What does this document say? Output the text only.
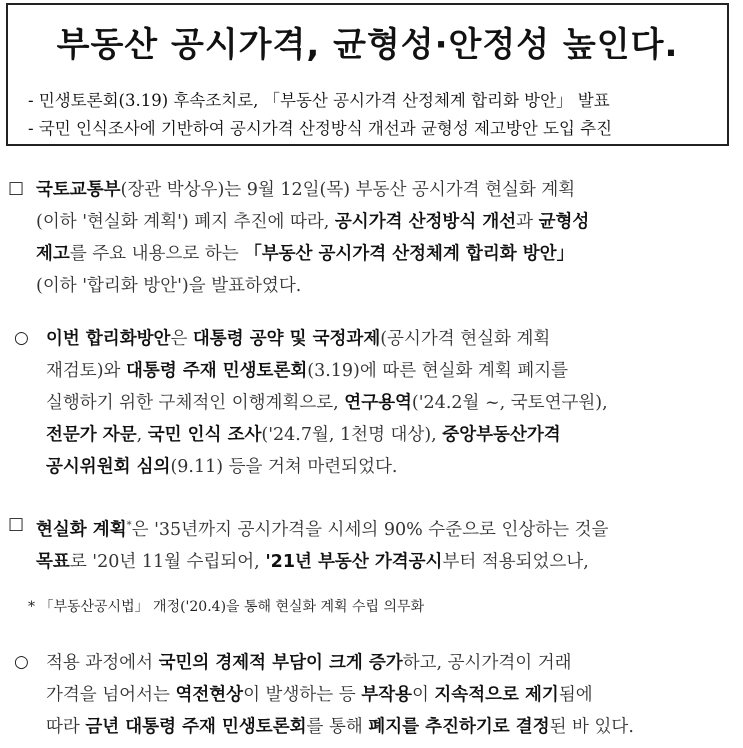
부동산 공시가격, 균형성·안정성 높인다.
- 민생토론회(3.19) 후속조치로, 「부동산 공시가격 산정체계 합리화 방안」 발표
- 국민 인식조사에 기반하여 공시가격 산정방식 개선과 균형성 제고방안 도입 추진
□ 국토교통부(장관 박상우)는 9월 12일(목) 부동산 공시가격 현실화 계획
(이하 '현실화 계획') 폐지 추진에 따라, 공시가격 산정방식 개선과 균형성
제고를 주요 내용으로 하는 「부동산 공시가격 산정체계 합리화 방안」
(이하 '합리화 방안')을 발표하였다.
○ 이번 합리화방안은 대통령 공약 및 국정과제(공시가격 현실화 계획
재검토)와 대통령 주재 민생토론회(3.19)에 따른 현실화 계획 폐지를
실행하기 위한 구체적인 이행계획으로, 연구용역('24.2월 ~, 국토연구원),
전문가 자문, 국민 인식 조사('24.7월, 1천명 대상), 중앙부동산가격
공시위원회 심의(9.11) 등을 거쳐 마련되었다.
□ 현실화 계획*은 '35년까지 공시가격을 시세의 90% 수준으로 인상하는 것을
목표로 '20년 11월 수립되어, '21년 부동산 가격공시부터 적용되었으나,
* 「부동산공시법」 개정('20.4)을 통해 현실화 계획 수립 의무화
○ 적용 과정에서 국민의 경제적 부담이 크게 증가하고, 공시가격이 거래
가격을 넘어서는 역전현상이 발생하는 등 부작용이 지속적으로 제기됨에
따라 금년 대통령 주재 민생토론회를 통해 폐지를 추진하기로 결정된 바 있다.
